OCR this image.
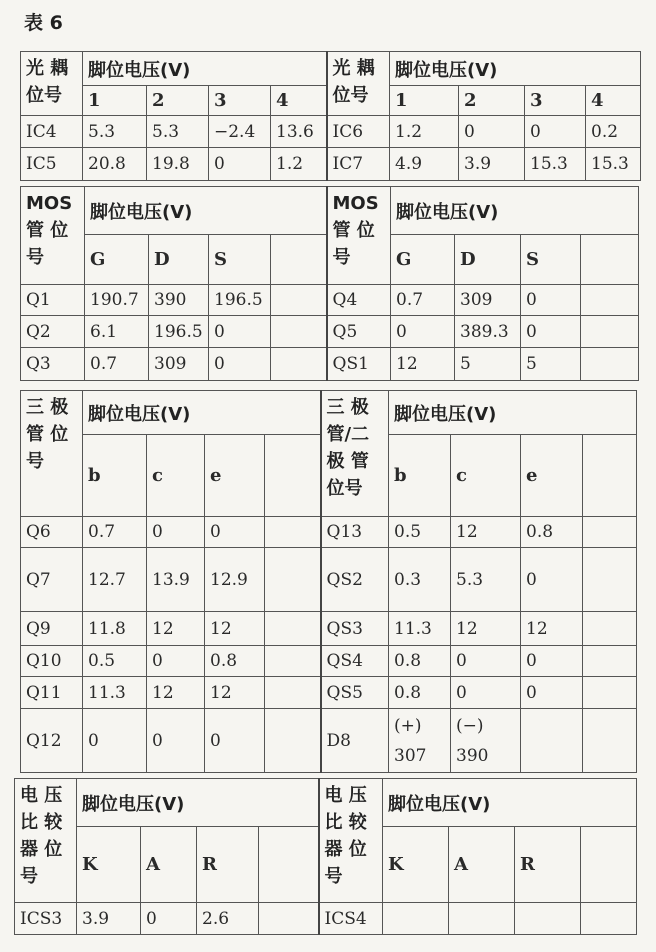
表 6
光 耦 位号	脚位电压(V)				光 耦 位号	脚位电压(V)			
	1	2	3	4		1	2	3	4
IC4	5.3	5.3	−2.4	13.6	IC6	1.2	0	0	0.2
IC5	20.8	19.8	0	1.2	IC7	4.9	3.9	15.3	15.3
MOS 管 位 号	脚位电压(V)				MOS 管 位 号	脚位电压(V)			
	G	D	S			G	D	S	
Q1	190.7	390	196.5		Q4	0.7	309	0	
Q2	6.1	196.5	0		Q5	0	389.3	0	
Q3	0.7	309	0		QS1	12	5	5	
三 极 管 位 号	脚位电压(V)				三 极 管/二 极 管 位号	脚位电压(V)			
	b	c	e			b	c	e	
Q6	0.7	0	0		Q13	0.5	12	0.8	
Q7	12.7	13.9	12.9		QS2	0.3	5.3	0	
Q9	11.8	12	12		QS3	11.3	12	12	
Q10	0.5	0	0.8		QS4	0.8	0	0	
Q11	11.3	12	12		QS5	0.8	0	0	
Q12	0	0	0		D8	(+) 307	(−) 390		
电 压 比 较 器 位 号	脚位电压(V)				电 压 比 较 器 位 号	脚位电压(V)			
	K	A	R			K	A	R	
ICS3	3.9	0	2.6		ICS4				
